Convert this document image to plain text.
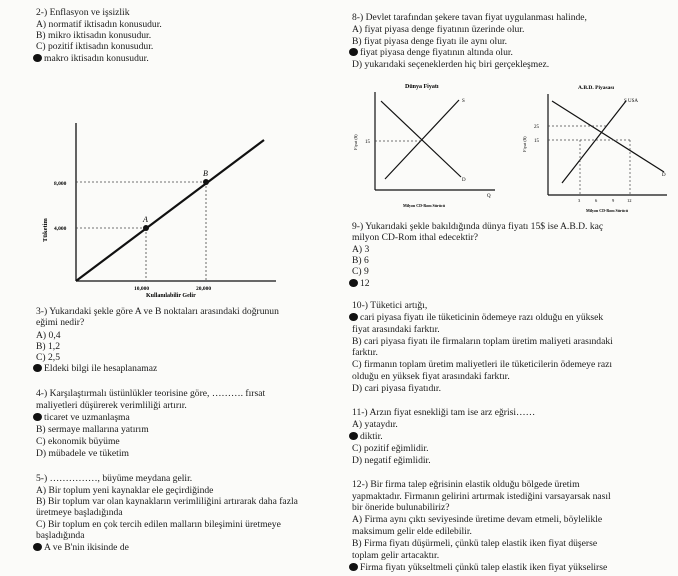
2-) Enflasyon ve işsizlik
A) normatif iktisadın konusudur.
B) mikro iktisadın konusudur.
C) pozitif iktisadın konusudur.
makro iktisadın konusudur.
A
B
8,000
4,000
10,000	20,000
Kullanılabilir Gelir
Tüketim
3-) Yukarıdaki şekle göre A ve B noktaları arasındaki doğrunun
eğimi nedir?
A) 0,4
B) 1,2
C) 2,5
Eldeki bilgi ile hesaplanamaz
4-) Karşılaştırmalı üstünlükler teorisine göre, ………. fırsat
maliyetleri düşürerek verimliliği artırır.
ticaret ve uzmanlaşma
B) sermaye mallarına yatırım
C) ekonomik büyüme
D) mübadele ve tüketim
5-) ……………, büyüme meydana gelir.
A) Bir toplum yeni kaynaklar ele geçirdiğinde
B) Bir toplum var olan kaynakların verimliliğini artırarak daha fazla
üretmeye başladığında
C) Bir toplum en çok tercih edilen malların bileşimini üretmeye
başladığında
A ve B'nin ikisinde de
8-) Devlet tarafından şekere tavan fiyat uygulanması halinde,
A) fiyat piyasa denge fiyatının üzerinde olur.
B) fiyat piyasa denge fiyatı ile aynı olur.
fiyat piyasa denge fiyatının altında olur.
D) yukarıdaki seçeneklerden hiç biri gerçekleşmez.
Dünya Fiyatı
S
D
Q
15
Fiyat ($)
Milyon CD-Rom Sürücü
A.B.D. Piyasası
S USA
D
25
15
3	6	9	12
Fiyat ($)
Milyon CD-Rom Sürücü
9-) Yukarıdaki şekle bakıldığında dünya fiyatı 15$ ise A.B.D. kaç
milyon CD-Rom ithal edecektir?
A) 3
B) 6
C) 9
12
10-) Tüketici artığı,
cari piyasa fiyatı ile tüketicinin ödemeye razı olduğu en yüksek
fiyat arasındaki farktır.
B) cari piyasa fiyatı ile firmaların toplam üretim maliyeti arasındaki
farktır.
C) firmanın toplam üretim maliyetleri ile tüketicilerin ödemeye razı
olduğu en yüksek fiyat arasındaki farktır.
D) cari piyasa fiyatıdır.
11-) Arzın fiyat esnekliği tam ise arz eğrisi……
A) yataydır.
diktir.
C) pozitif eğimlidir.
D) negatif eğimlidir.
12-) Bir firma talep eğrisinin elastik olduğu bölgede üretim
yapmaktadır. Firmanın gelirini artırmak istediğini varsayarsak nasıl
bir öneride bulunabiliriz?
A) Firma aynı çıktı seviyesinde üretime devam etmeli, böylelikle
maksimum gelir elde edilebilir.
B) Firma fiyatı düşürmeli, çünkü talep elastik iken fiyat düşerse
toplam gelir artacaktır.
Firma fiyatı yükseltmeli çünkü talep elastik iken fiyat yükselirse
